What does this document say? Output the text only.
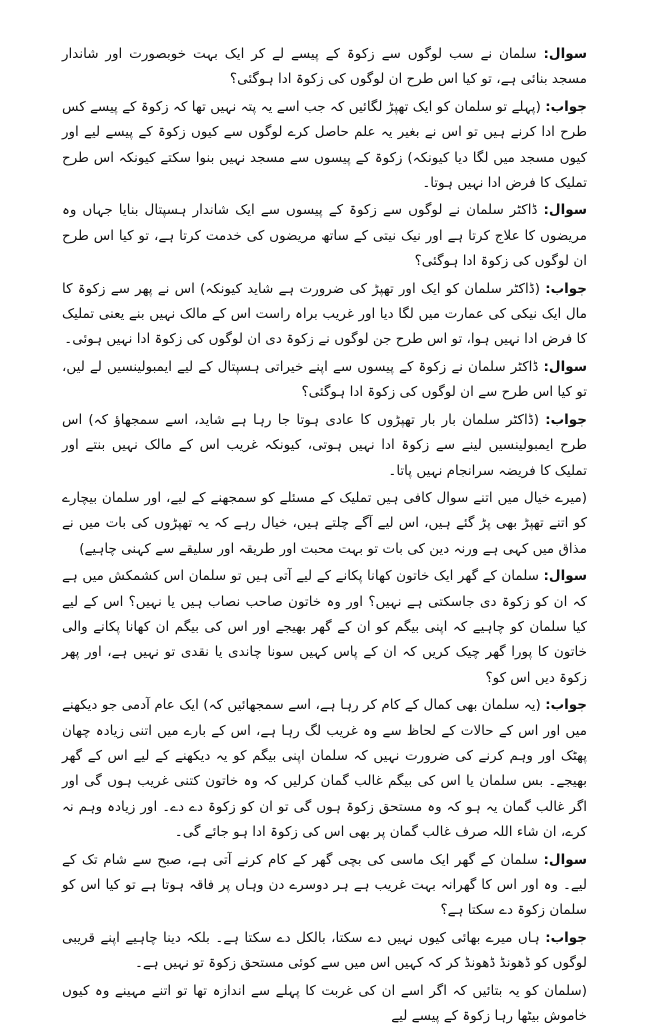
سوال: سلمان نے سب لوگوں سے زکوۃ کے پیسے لے کر ایک بہت خوبصورت اور شاندار مسجد بنائی ہے، تو کیا اس طرح ان لوگوں کی زکوۃ ادا ہوگئی؟

جواب: (پہلے تو سلمان کو ایک تھپڑ لگائیں کہ جب اسے یہ پتہ نہیں تھا کہ زکوۃ کے پیسے کس طرح ادا کرنے ہیں تو اس نے بغیر یہ علم حاصل کرے لوگوں سے کیوں زکوۃ کے پیسے لیے اور کیوں مسجد میں لگا دیا کیونکہ) زکوۃ کے پیسوں سے مسجد نہیں بنوا سکتے کیونکہ اس طرح تملیک کا فرض ادا نہیں ہوتا۔

سوال: ڈاکٹر سلمان نے لوگوں سے زکوۃ کے پیسوں سے ایک شاندار ہسپتال بنایا جہاں وہ مریضوں کا علاج کرتا ہے اور نیک نیتی کے ساتھ مریضوں کی خدمت کرتا ہے، تو کیا اس طرح ان لوگوں کی زکوۃ ادا ہوگئی؟

جواب: (ڈاکٹر سلمان کو ایک اور تھپڑ کی ضرورت ہے شاید کیونکہ) اس نے پھر سے زکوۃ کا مال ایک نیکی کی عمارت میں لگا دیا اور غریب براہ راست اس کے مالک نہیں بنے یعنی تملیک کا فرض ادا نہیں ہوا، تو اس طرح جن لوگوں نے زکوۃ دی ان لوگوں کی زکوۃ ادا نہیں ہوئی۔

سوال: ڈاکٹر سلمان نے زکوۃ کے پیسوں سے اپنے خیراتی ہسپتال کے لیے ایمبولینسیں لے لیں، تو کیا اس طرح سے ان لوگوں کی زکوۃ ادا ہوگئی؟

جواب: (ڈاکٹر سلمان بار بار تھپڑوں کا عادی ہوتا جا رہا ہے شاید، اسے سمجھاؤ کہ) اس طرح ایمبولینسیں لینے سے زکوۃ ادا نہیں ہوتی، کیونکہ غریب اس کے مالک نہیں بنتے اور تملیک کا فریضہ سرانجام نہیں پاتا۔

(میرے خیال میں اتنے سوال کافی ہیں تملیک کے مسئلے کو سمجھنے کے لیے، اور سلمان بیچارے کو اتنے تھپڑ بھی پڑ گئے ہیں، اس لیے آگے چلتے ہیں، خیال رہے کہ یہ تھپڑوں کی بات میں نے مذاق میں کہی ہے ورنہ دین کی بات تو بہت محبت اور طریقہ اور سلیقے سے کہنی چاہیے)

سوال: سلمان کے گھر ایک خاتون کھانا پکانے کے لیے آتی ہیں تو سلمان اس کشمکش میں ہے کہ ان کو زکوۃ دی جاسکتی ہے نہیں؟ اور وہ خاتون صاحب نصاب ہیں یا نہیں؟ اس کے لیے کیا سلمان کو چاہیے کہ اپنی بیگم کو ان کے گھر بھیجے اور اس کی بیگم ان کھانا پکانے والی خاتون کا پورا گھر چیک کریں کہ ان کے پاس کہیں سونا چاندی یا نقدی تو نہیں ہے، اور پھر زکوۃ دیں اس کو؟

جواب: (یہ سلمان بھی کمال کے کام کر رہا ہے، اسے سمجھائیں کہ) ایک عام آدمی جو دیکھنے میں اور اس کے حالات کے لحاظ سے وہ غریب لگ رہا ہے، اس کے بارے میں اتنی زیادہ چھان پھٹک اور وہم کرنے کی ضرورت نہیں کہ سلمان اپنی بیگم کو یہ دیکھنے کے لیے اس کے گھر بھیجے۔ بس سلمان یا اس کی بیگم غالب گمان کرلیں کہ وہ خاتون کتنی غریب ہوں گی اور اگر غالب گمان یہ ہو کہ وہ مستحق زکوۃ ہوں گی تو ان کو زکوۃ دے دے۔ اور زیادہ وہم نہ کرے، ان شاء اللہ صرف غالب گمان پر بھی اس کی زکوۃ ادا ہو جائے گی۔

سوال: سلمان کے گھر ایک ماسی کی بچی گھر کے کام کرنے آتی ہے، صبح سے شام تک کے لیے۔ وہ اور اس کا گھرانہ بہت غریب ہے ہر دوسرے دن وہاں پر فاقہ ہوتا ہے تو کیا اس کو سلمان زکوۃ دے سکتا ہے؟

جواب: ہاں میرے بھائی کیوں نہیں دے سکتا، بالکل دے سکتا ہے۔ بلکہ دینا چاہیے اپنے قریبی لوگوں کو ڈھونڈ ڈھونڈ کر کہ کہیں اس میں سے کوئی مستحق زکوۃ تو نہیں ہے۔

(سلمان کو یہ بتائیں کہ اگر اسے ان کی غربت کا پہلے سے اندازہ تھا تو اتنے مہینے وہ کیوں خاموش بیٹھا رہا زکوۃ کے پیسے لیے
